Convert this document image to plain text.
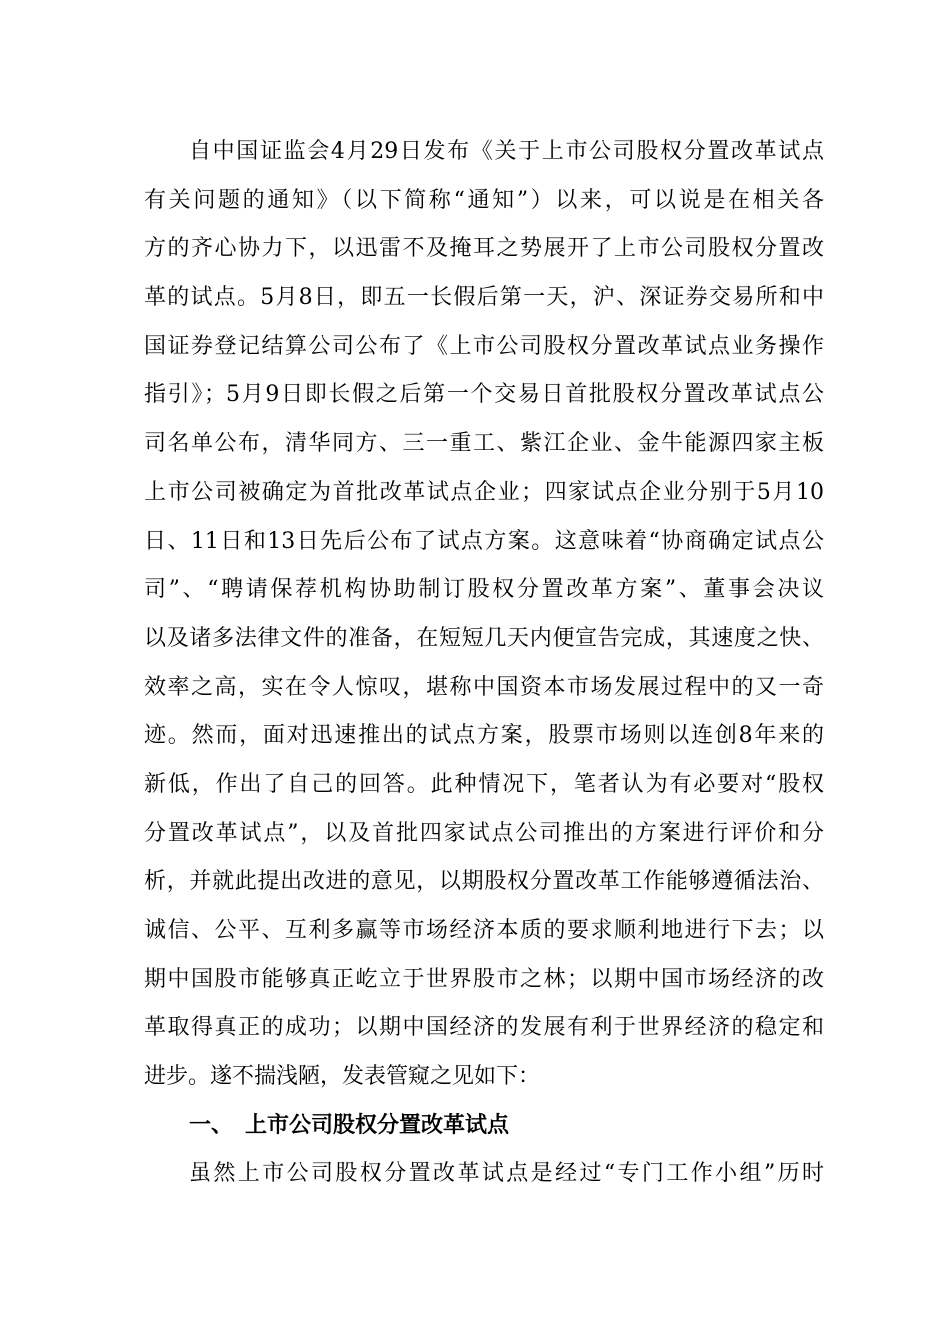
自中国证监会4月29日发布《关于上市公司股权分置改革试点
有关问题的通知》（以下简称“通知”）以来，可以说是在相关各
方的齐心协力下，以迅雷不及掩耳之势展开了上市公司股权分置改
革的试点。5月8日，即五一长假后第一天，沪、深证券交易所和中
国证券登记结算公司公布了《上市公司股权分置改革试点业务操作
指引》；5月9日即长假之后第一个交易日首批股权分置改革试点公
司名单公布，清华同方、三一重工、紫江企业、金牛能源四家主板
上市公司被确定为首批改革试点企业；四家试点企业分别于5月10
日、11日和13日先后公布了试点方案。这意味着“协商确定试点公
司”、“聘请保荐机构协助制订股权分置改革方案”、董事会决议
以及诸多法律文件的准备，在短短几天内便宣告完成，其速度之快、
效率之高，实在令人惊叹，堪称中国资本市场发展过程中的又一奇
迹。然而，面对迅速推出的试点方案，股票市场则以连创8年来的
新低，作出了自己的回答。此种情况下，笔者认为有必要对“股权
分置改革试点”，以及首批四家试点公司推出的方案进行评价和分
析，并就此提出改进的意见，以期股权分置改革工作能够遵循法治、
诚信、公平、互利多赢等市场经济本质的要求顺利地进行下去；以
期中国股市能够真正屹立于世界股市之林；以期中国市场经济的改
革取得真正的成功；以期中国经济的发展有利于世界经济的稳定和
进步。遂不揣浅陋，发表管窥之见如下：
一、 上市公司股权分置改革试点
虽然上市公司股权分置改革试点是经过“专门工作小组”历时
